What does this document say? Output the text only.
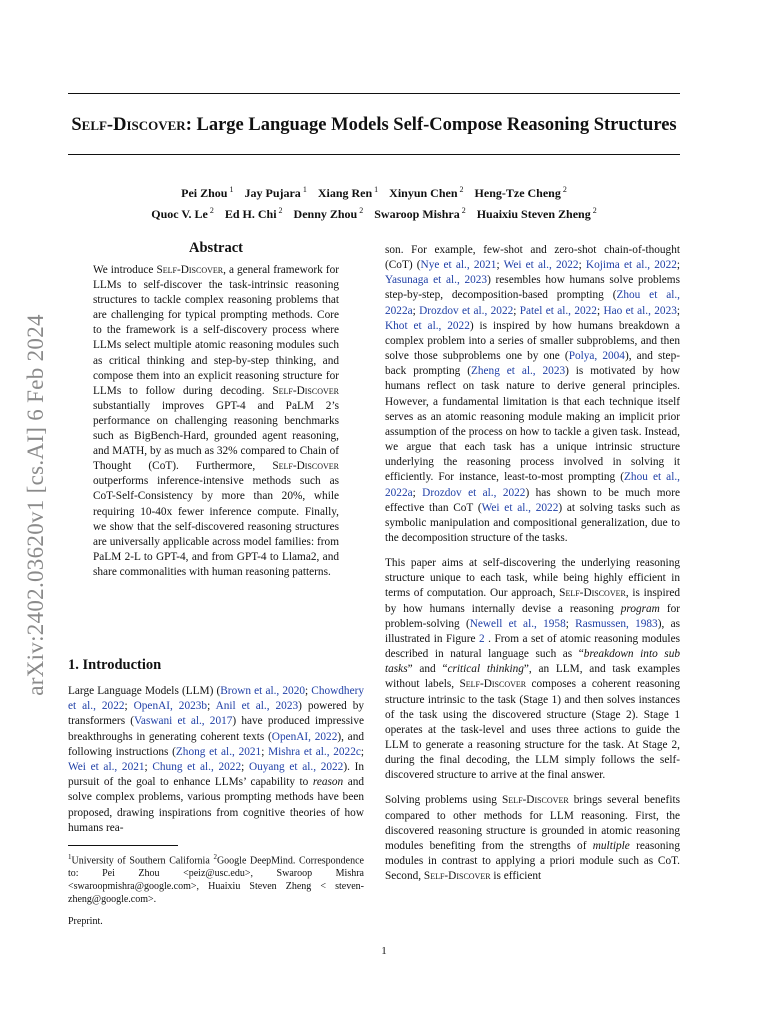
arXiv:2402.03620v1 [cs.AI] 6 Feb 2024
Self-Discover: Large Language Models Self-Compose Reasoning Structures
Pei Zhou $^1$ Jay Pujara $^1$ Xiang Ren $^1$ Xinyun Chen $^2$ Heng-Tze Cheng $^2$
Quoc V. Le $^2$ Ed H. Chi $^2$ Denny Zhou $^2$ Swaroop Mishra $^2$ Huaixiu Steven Zheng $^2$
Abstract

We introduce Self-Discover, a general framework for LLMs to self-discover the task-intrinsic reasoning structures to tackle complex reasoning problems that are challenging for typical prompting methods. Core to the framework is a self-discovery process where LLMs select multiple atomic reasoning modules such as critical thinking and step-by-step thinking, and compose them into an explicit reasoning structure for LLMs to follow during decoding. Self-Discover substantially improves GPT-4 and PaLM 2’s performance on challenging reasoning benchmarks such as BigBench-Hard, grounded agent reasoning, and MATH, by as much as 32% compared to Chain of Thought (CoT). Furthermore, Self-Discover outperforms inference-intensive methods such as CoT-Self-Consistency by more than 20%, while requiring 10-40x fewer inference compute. Finally, we show that the self-discovered reasoning structures are universally applicable across model families: from PaLM 2-L to GPT-4, and from GPT-4 to Llama2, and share commonalities with human reasoning patterns.

1. Introduction

Large Language Models (LLM) (Brown et al., 2020; Chowdhery et al., 2022; OpenAI, 2023b; Anil et al., 2023) powered by transformers (Vaswani et al., 2017) have produced impressive breakthroughs in generating coherent texts (OpenAI, 2022), and following instructions (Zhong et al., 2021; Mishra et al., 2022c; Wei et al., 2021; Chung et al., 2022; Ouyang et al., 2022). In pursuit of the goal to enhance LLMs’ capability to reason and solve complex problems, various prompting methods have been proposed, drawing inspirations from cognitive theories of how humans rea-

$^1$University of Southern California $^2$Google DeepMind. Correspondence to: Pei Zhou <peiz@usc.edu>, Swaroop Mishra <swaroopmishra@google.com>, Huaixiu Steven Zheng < steven-zheng@google.com>.

Preprint.

son. For example, few-shot and zero-shot chain-of-thought (CoT) (Nye et al., 2021; Wei et al., 2022; Kojima et al., 2022; Yasunaga et al., 2023) resembles how humans solve problems step-by-step, decomposition-based prompting (Zhou et al., 2022a; Drozdov et al., 2022; Patel et al., 2022; Hao et al., 2023; Khot et al., 2022) is inspired by how humans breakdown a complex problem into a series of smaller subproblems, and then solve those subproblems one by one (Polya, 2004), and step-back prompting (Zheng et al., 2023) is motivated by how humans reflect on task nature to derive general principles. However, a fundamental limitation is that each technique itself serves as an atomic reasoning module making an implicit prior assumption of the process on how to tackle a given task. Instead, we argue that each task has a unique intrinsic structure underlying the reasoning process involved in solving it efficiently. For instance, least-to-most prompting (Zhou et al., 2022a; Drozdov et al., 2022) has shown to be much more effective than CoT (Wei et al., 2022) at solving tasks such as symbolic manipulation and compositional generalization, due to the decomposition structure of the tasks.

This paper aims at self-discovering the underlying reasoning structure unique to each task, while being highly efficient in terms of computation. Our approach, Self-Discover, is inspired by how humans internally devise a reasoning program for problem-solving (Newell et al., 1958; Rasmussen, 1983), as illustrated in Figure 2 . From a set of atomic reasoning modules described in natural language such as “breakdown into sub tasks” and “critical thinking”, an LLM, and task examples without labels, Self-Discover composes a coherent reasoning structure intrinsic to the task (Stage 1) and then solves instances of the task using the discovered structure (Stage 2). Stage 1 operates at the task-level and uses three actions to guide the LLM to generate a reasoning structure for the task. At Stage 2, during the final decoding, the LLM simply follows the self-discovered structure to arrive at the final answer.

Solving problems using Self-Discover brings several benefits compared to other methods for LLM reasoning. First, the discovered reasoning structure is grounded in atomic reasoning modules benefiting from the strengths of multiple reasoning modules in contrast to applying a priori module such as CoT. Second, Self-Discover is efficient

1
